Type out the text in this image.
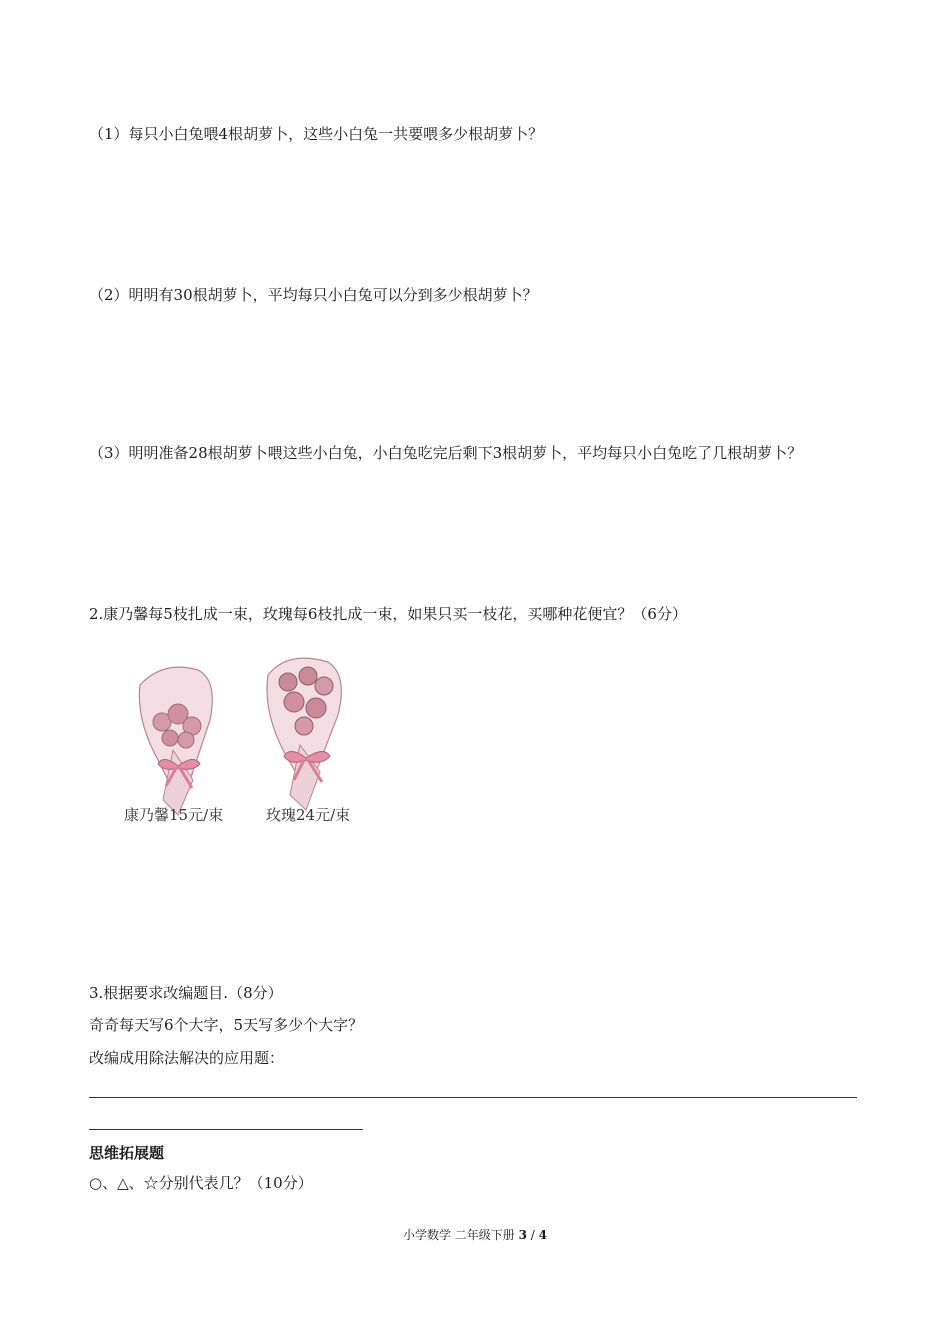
（1）每只小白兔喂4根胡萝卜，这些小白兔一共要喂多少根胡萝卜？
（2）明明有30根胡萝卜，平均每只小白兔可以分到多少根胡萝卜？
（3）明明准备28根胡萝卜喂这些小白兔，小白兔吃完后剩下3根胡萝卜，平均每只小白兔吃了几根胡萝卜？
2.康乃馨每5枝扎成一束，玫瑰每6枝扎成一束，如果只买一枝花，买哪种花便宜？（6分）
康乃馨15元/束	玫瑰24元/束
3.根据要求改编题目.（8分）
奇奇每天写6个大字，5天写多少个大字？
改编成用除法解决的应用题：
思维拓展题
○、△、☆分别代表几？（10分）
小学数学 二年级下册 3 / 4
